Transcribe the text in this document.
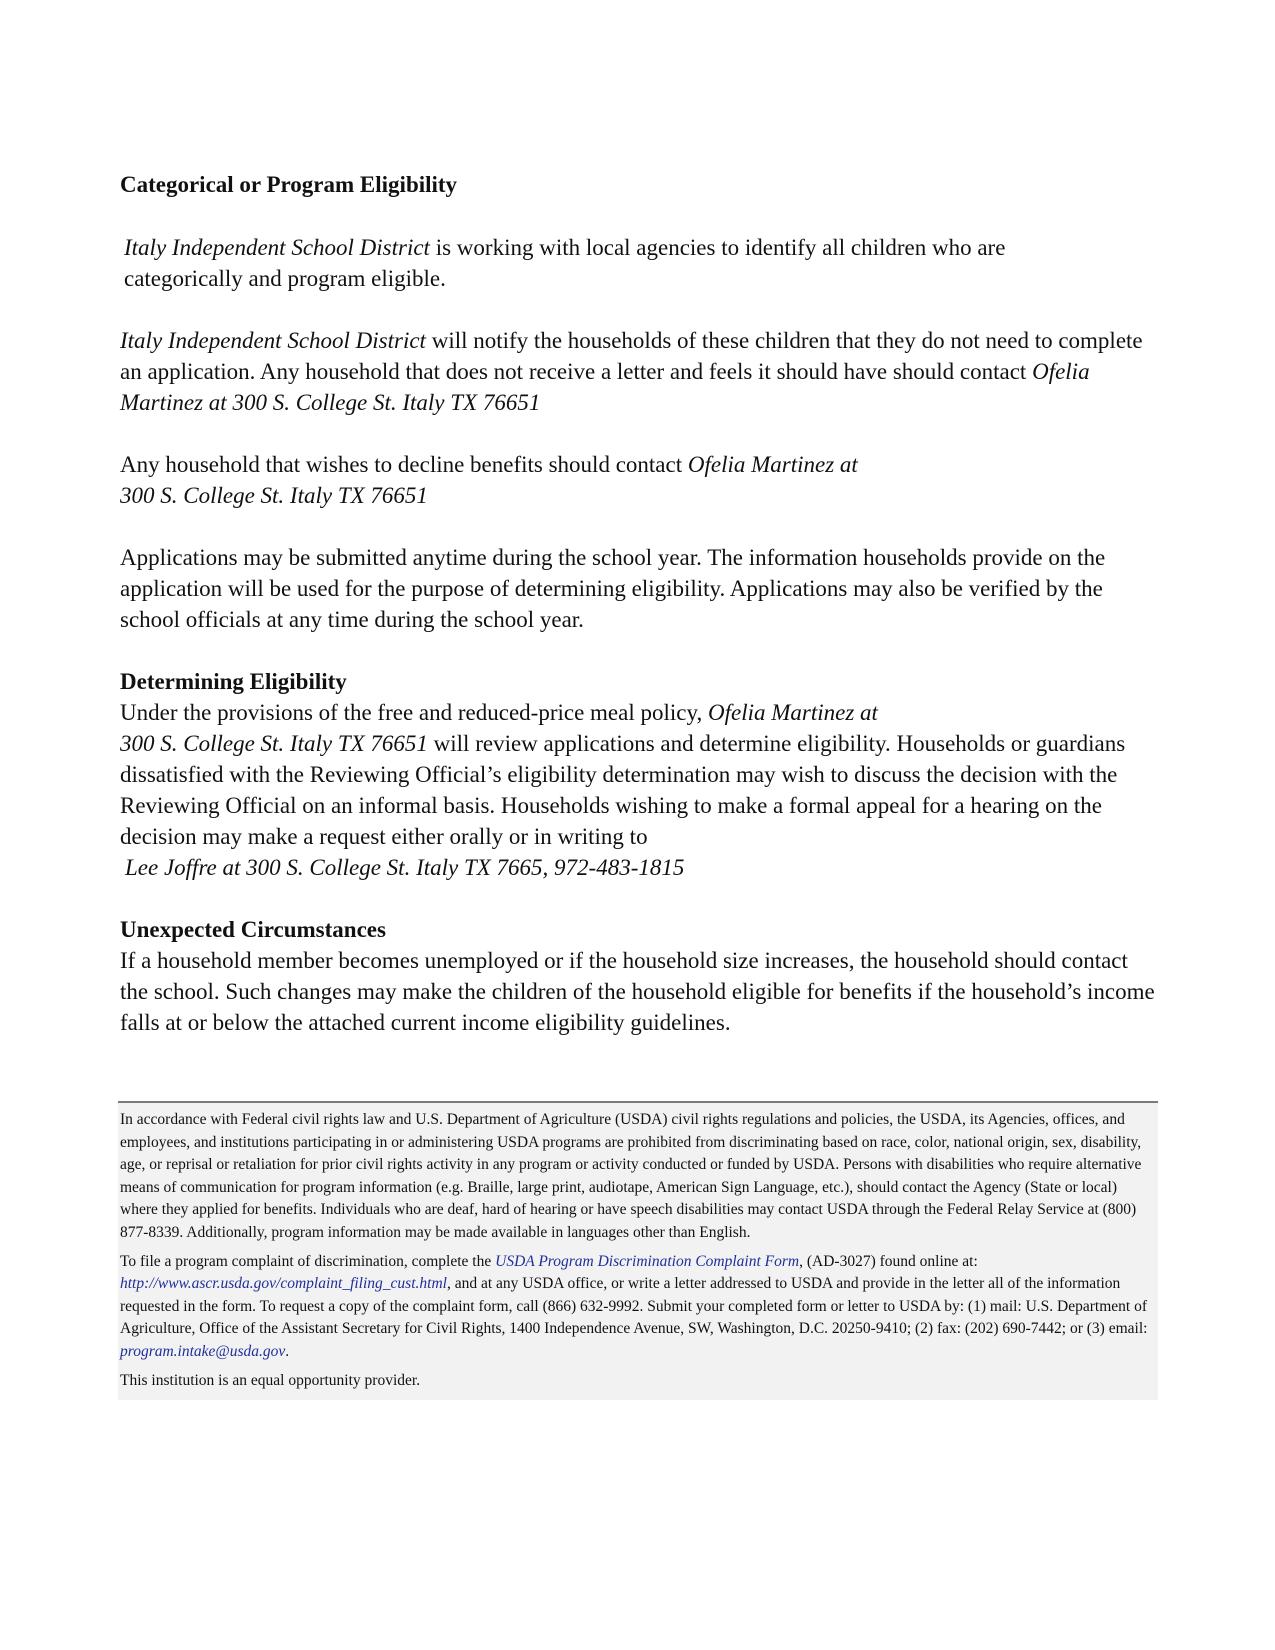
Categorical or Program Eligibility

Italy Independent School District is working with local agencies to identify all children who are categorically and program eligible.

Italy Independent School District will notify the households of these children that they do not need to complete an application. Any household that does not receive a letter and feels it should have should contact Ofelia Martinez at 300 S. College St. Italy TX 76651

Any household that wishes to decline benefits should contact Ofelia Martinez at
300 S. College St. Italy TX 76651

Applications may be submitted anytime during the school year. The information households provide on the application will be used for the purpose of determining eligibility. Applications may also be verified by the school officials at any time during the school year.

Determining Eligibility

Under the provisions of the free and reduced-price meal policy, Ofelia Martinez at
300 S. College St. Italy TX 76651 will review applications and determine eligibility. Households or guardians dissatisfied with the Reviewing Official’s eligibility determination may wish to discuss the decision with the Reviewing Official on an informal basis. Households wishing to make a formal appeal for a hearing on the decision may make a request either orally or in writing to
Lee Joffre at 300 S. College St. Italy TX 7665, 972-483-1815

Unexpected Circumstances

If a household member becomes unemployed or if the household size increases, the household should contact the school. Such changes may make the children of the household eligible for benefits if the household’s income falls at or below the attached current income eligibility guidelines.

In accordance with Federal civil rights law and U.S. Department of Agriculture (USDA) civil rights regulations and policies, the USDA, its Agencies, offices, and employees, and institutions participating in or administering USDA programs are prohibited from discriminating based on race, color, national origin, sex, disability, age, or reprisal or retaliation for prior civil rights activity in any program or activity conducted or funded by USDA. Persons with disabilities who require alternative means of communication for program information (e.g. Braille, large print, audiotape, American Sign Language, etc.), should contact the Agency (State or local) where they applied for benefits. Individuals who are deaf, hard of hearing or have speech disabilities may contact USDA through the Federal Relay Service at (800) 877-8339. Additionally, program information may be made available in languages other than English.

To file a program complaint of discrimination, complete the USDA Program Discrimination Complaint Form, (AD-3027) found online at: http://www.ascr.usda.gov/complaint_filing_cust.html, and at any USDA office, or write a letter addressed to USDA and provide in the letter all of the information requested in the form. To request a copy of the complaint form, call (866) 632-9992. Submit your completed form or letter to USDA by: (1) mail: U.S. Department of Agriculture, Office of the Assistant Secretary for Civil Rights, 1400 Independence Avenue, SW, Washington, D.C. 20250-9410; (2) fax: (202) 690-7442; or (3) email: program.intake@usda.gov.

This institution is an equal opportunity provider.
